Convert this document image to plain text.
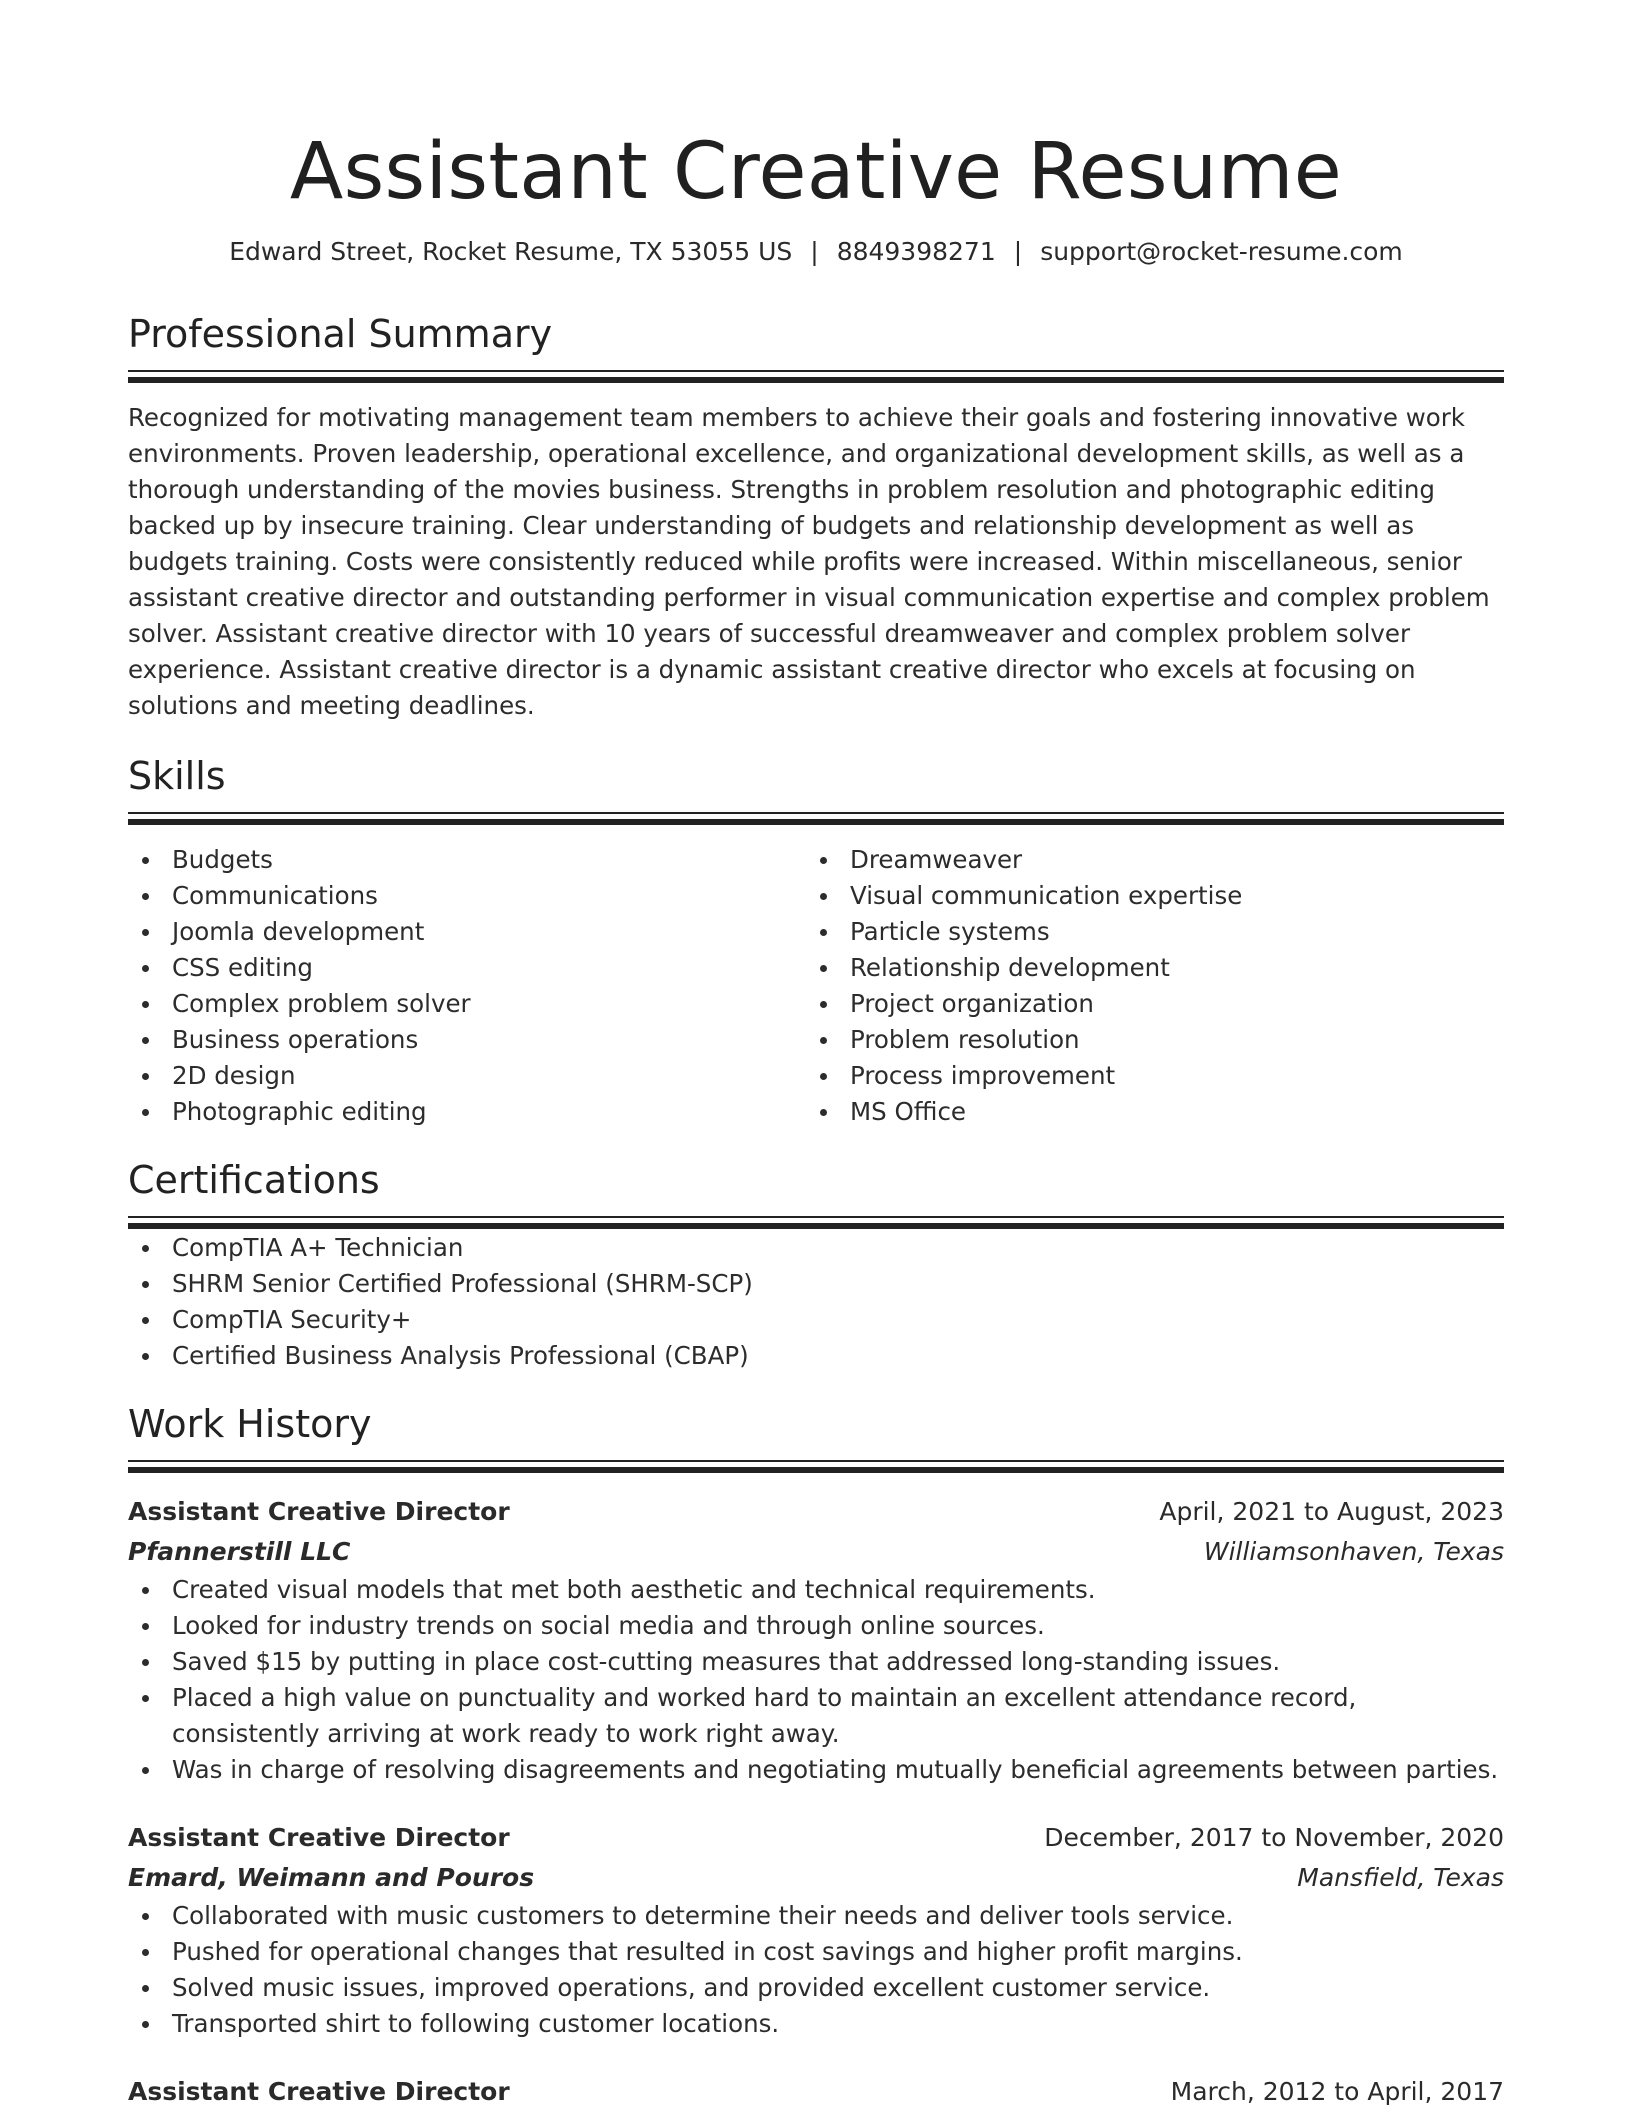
Assistant Creative Resume
Edward Street, Rocket Resume, TX 53055 US | 8849398271 | support@rocket-resume.com
Professional Summary

Recognized for motivating management team members to achieve their goals and fostering innovative work environments. Proven leadership, operational excellence, and organizational development skills, as well as a thorough understanding of the movies business. Strengths in problem resolution and photographic editing backed up by insecure training. Clear understanding of budgets and relationship development as well as budgets training. Costs were consistently reduced while profits were increased. Within miscellaneous, senior assistant creative director and outstanding performer in visual communication expertise and complex problem solver. Assistant creative director with 10 years of successful dreamweaver and complex problem solver experience. Assistant creative director is a dynamic assistant creative director who excels at focusing on solutions and meeting deadlines.

Skills
Budgets
Communications
Joomla development
CSS editing
Complex problem solver
Business operations
2D design
Photographic editing
Dreamweaver
Visual communication expertise
Particle systems
Relationship development
Project organization
Problem resolution
Process improvement
MS Office
Certifications
CompTIA A+ Technician
SHRM Senior Certified Professional (SHRM-SCP)
CompTIA Security+
Certified Business Analysis Professional (CBAP)
Work History
Assistant Creative Director	April, 2021 to August, 2023
Pfannerstill LLC	Williamsonhaven, Texas
Created visual models that met both aesthetic and technical requirements.
Looked for industry trends on social media and through online sources.
Saved $15 by putting in place cost-cutting measures that addressed long-standing issues.
Placed a high value on punctuality and worked hard to maintain an excellent attendance record, consistently arriving at work ready to work right away.
Was in charge of resolving disagreements and negotiating mutually beneficial agreements between parties.
Assistant Creative Director	December, 2017 to November, 2020
Emard, Weimann and Pouros	Mansfield, Texas
Collaborated with music customers to determine their needs and deliver tools service.
Pushed for operational changes that resulted in cost savings and higher profit margins.
Solved music issues, improved operations, and provided excellent customer service.
Transported shirt to following customer locations.
Assistant Creative Director	March, 2012 to April, 2017
